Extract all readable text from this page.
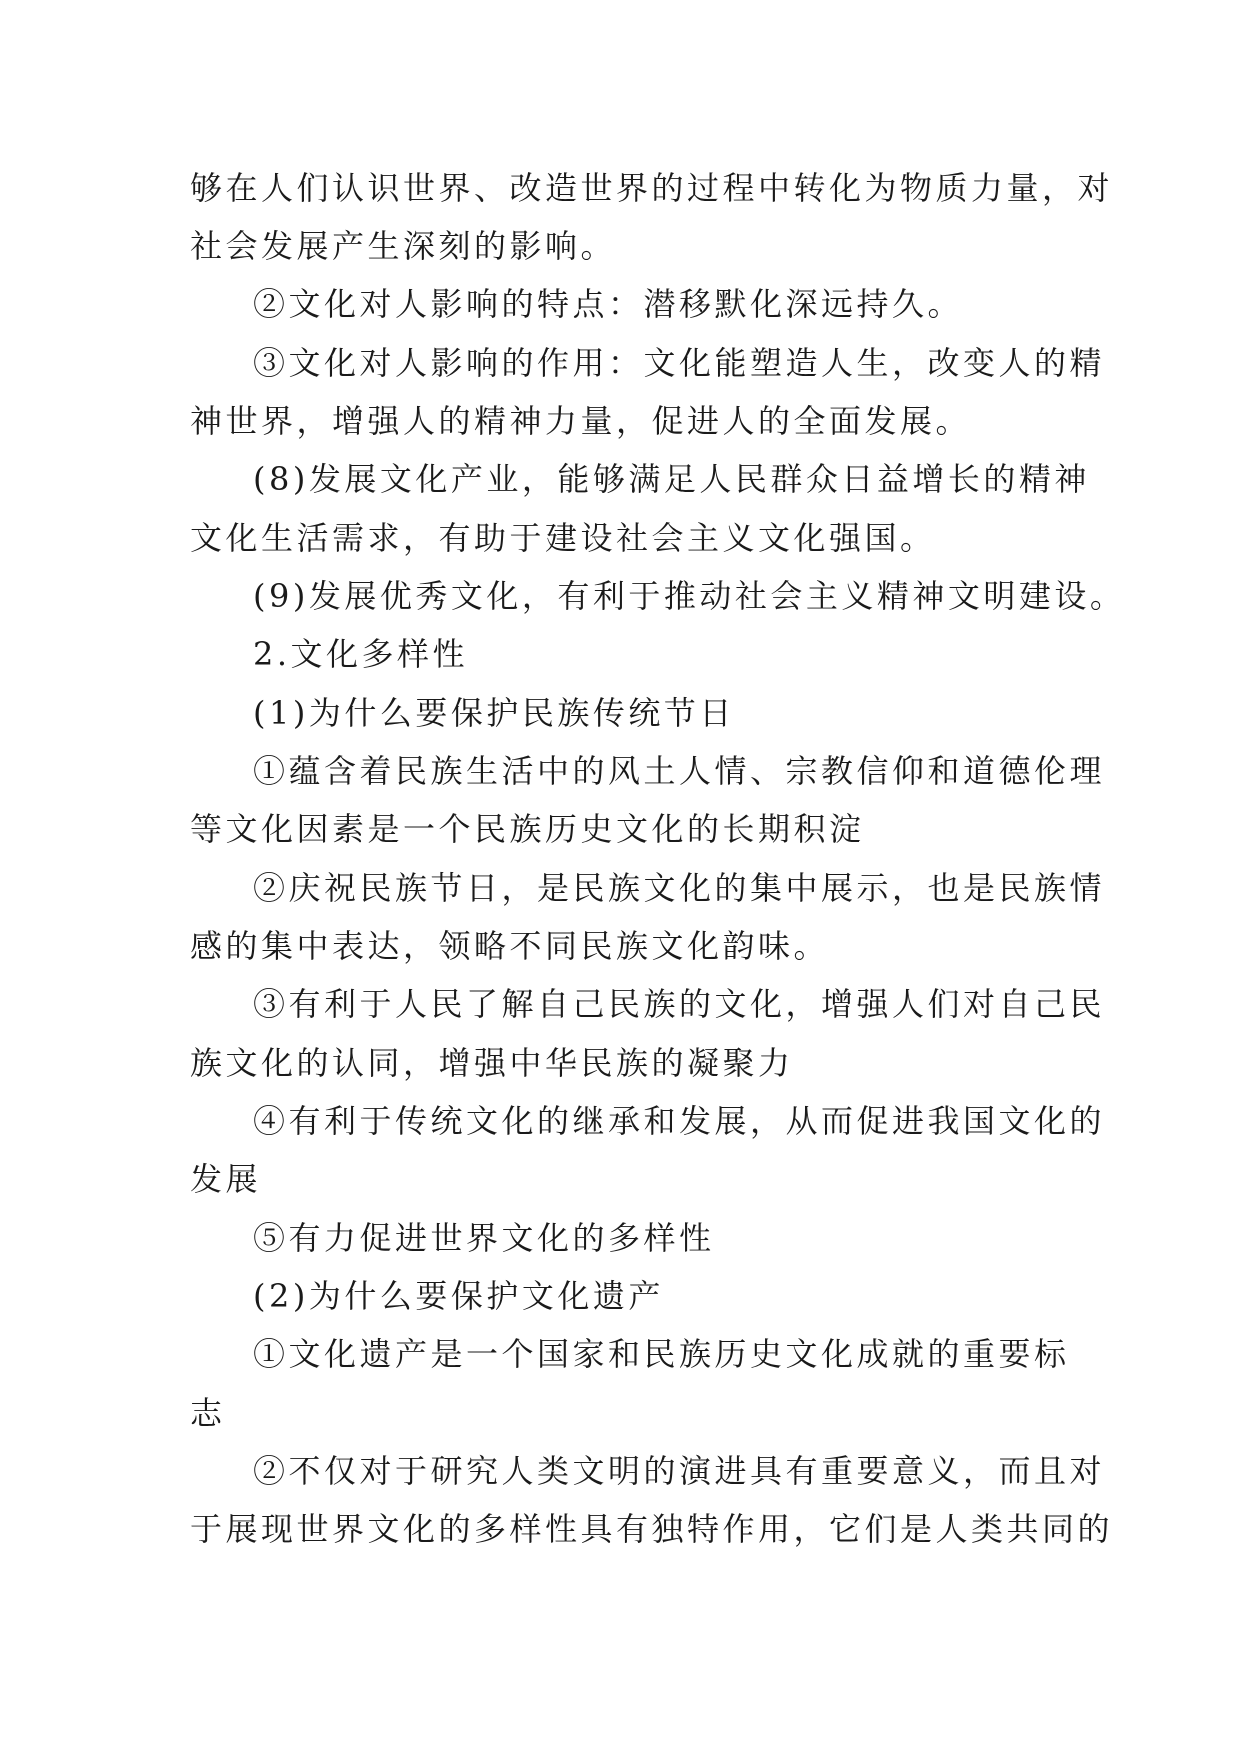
够在人们认识世界、改造世界的过程中转化为物质力量，对
社会发展产生深刻的影响。
②文化对人影响的特点：潜移默化深远持久。
③文化对人影响的作用：文化能塑造人生，改变人的精
神世界，增强人的精神力量，促进人的全面发展。
(8)发展文化产业，能够满足人民群众日益增长的精神
文化生活需求，有助于建设社会主义文化强国。
(9)发展优秀文化，有利于推动社会主义精神文明建设。
2.文化多样性
(1)为什么要保护民族传统节日
①蕴含着民族生活中的风土人情、宗教信仰和道德伦理
等文化因素是一个民族历史文化的长期积淀
②庆祝民族节日，是民族文化的集中展示，也是民族情
感的集中表达，领略不同民族文化韵味。
③有利于人民了解自己民族的文化，增强人们对自己民
族文化的认同，增强中华民族的凝聚力
④有利于传统文化的继承和发展，从而促进我国文化的
发展
⑤有力促进世界文化的多样性
(2)为什么要保护文化遗产
①文化遗产是一个国家和民族历史文化成就的重要标
志
②不仅对于研究人类文明的演进具有重要意义，而且对
于展现世界文化的多样性具有独特作用，它们是人类共同的
